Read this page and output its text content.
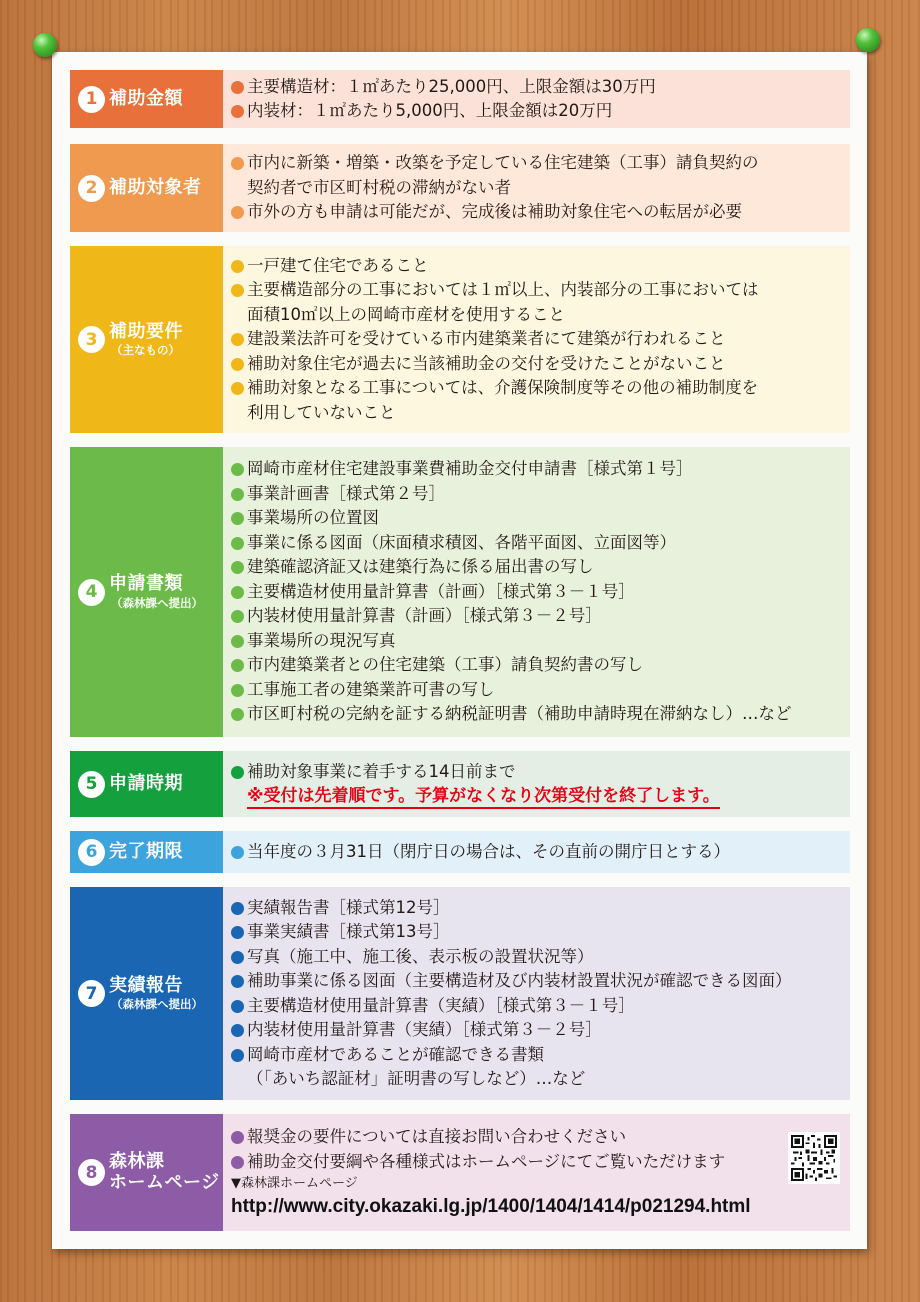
1 補助金額
主要構造材：１㎡あたり25,000円、上限金額は30万円
内装材：１㎡あたり5,000円、上限金額は20万円
2 補助対象者
市内に新築・増築・改築を予定している住宅建築（工事）請負契約の
契約者で市区町村税の滞納がない者
市外の方も申請は可能だが、完成後は補助対象住宅への転居が必要
3 補助要件
（主なもの）
一戸建て住宅であること
主要構造部分の工事においては１㎡以上、内装部分の工事においては
面積10㎡以上の岡崎市産材を使用すること
建設業法許可を受けている市内建築業者にて建築が行われること
補助対象住宅が過去に当該補助金の交付を受けたことがないこと
補助対象となる工事については、介護保険制度等その他の補助制度を
利用していないこと
4 申請書類
（森林課へ提出）
岡崎市産材住宅建設事業費補助金交付申請書［様式第１号］
事業計画書［様式第２号］
事業場所の位置図
事業に係る図面（床面積求積図、各階平面図、立面図等）
建築確認済証又は建築行為に係る届出書の写し
主要構造材使用量計算書（計画）［様式第３－１号］
内装材使用量計算書（計画）［様式第３－２号］
事業場所の現況写真
市内建築業者との住宅建築（工事）請負契約書の写し
工事施工者の建築業許可書の写し
市区町村税の完納を証する納税証明書（補助申請時現在滞納なし）…など
5 申請時期
補助対象事業に着手する14日前まで
※受付は先着順です。予算がなくなり次第受付を終了します。
6 完了期限	当年度の３月31日（閉庁日の場合は、その直前の開庁日とする）
7 実績報告
（森林課へ提出）
実績報告書［様式第12号］
事業実績書［様式第13号］
写真（施工中、施工後、表示板の設置状況等）
補助事業に係る図面（主要構造材及び内装材設置状況が確認できる図面）
主要構造材使用量計算書（実績）［様式第３－１号］
内装材使用量計算書（実績）［様式第３－２号］
岡崎市産材であることが確認できる書類
（「あいち認証材」証明書の写しなど）…など
8
森林課
ホームページ
報奨金の要件については直接お問い合わせください
補助金交付要綱や各種様式はホームページにてご覧いただけます
▼森林課ホームページ
http://www.city.okazaki.lg.jp/1400/1404/1414/p021294.html
